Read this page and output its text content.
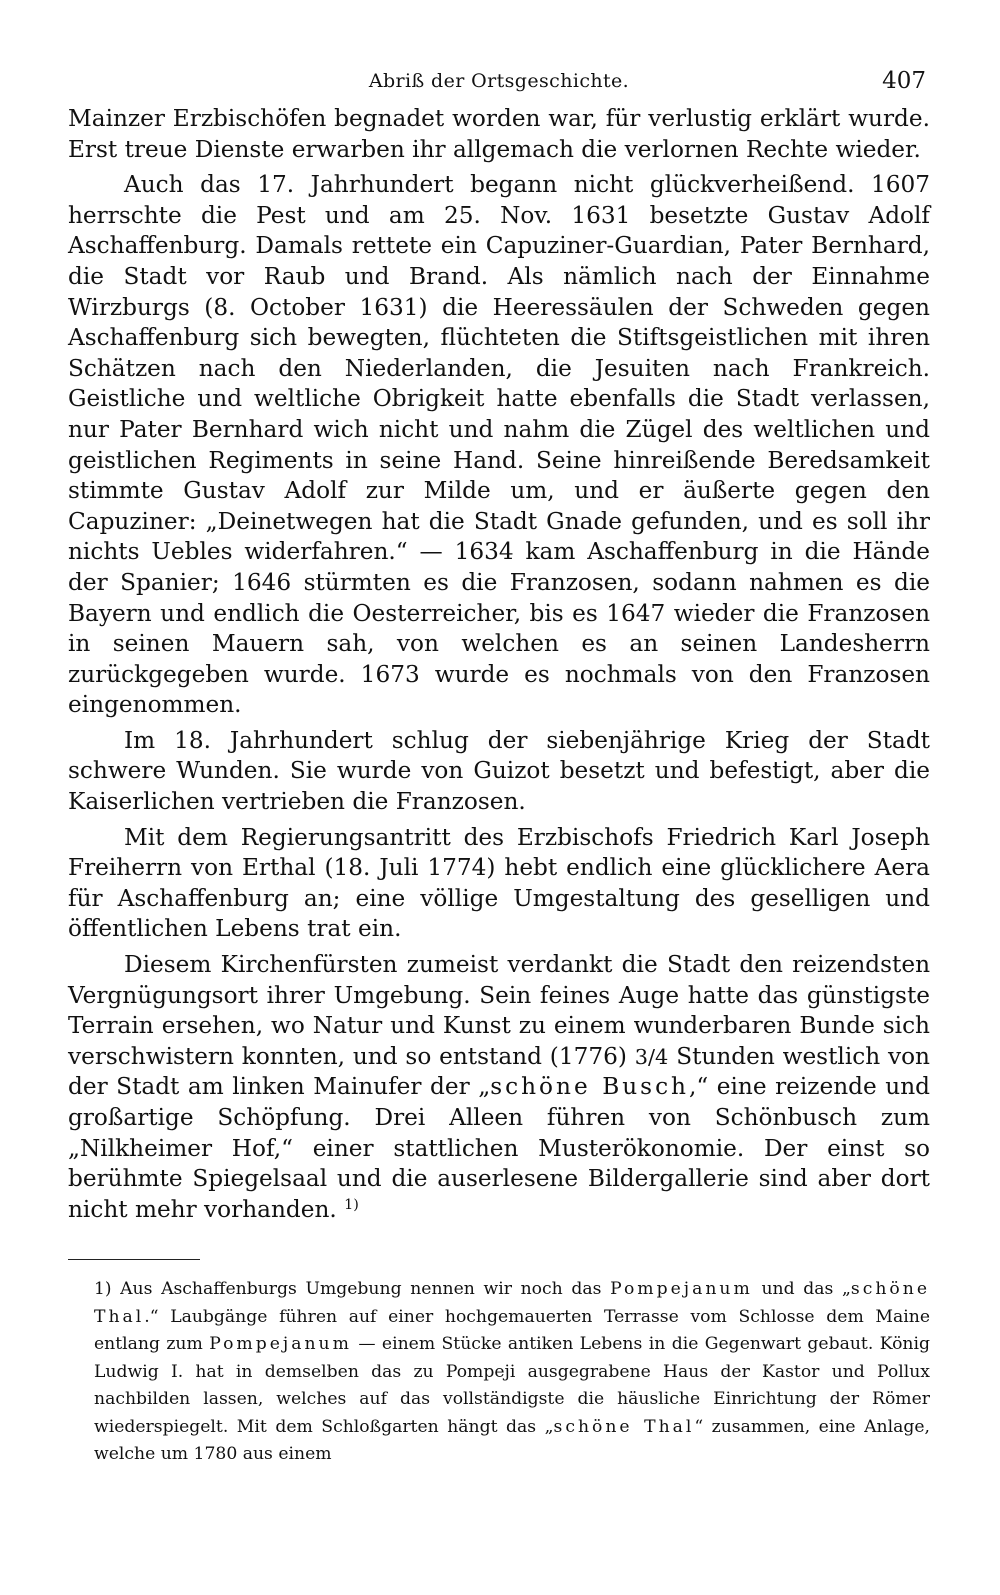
Abriß der Ortsgeschichte.	407

Mainzer Erzbischöfen begnadet worden war, für verlustig erklärt wurde. Erst treue Dienste erwarben ihr allgemach die verlornen Rechte wieder.

Auch das 17. Jahrhundert begann nicht glückverheißend. 1607 herrschte die Pest und am 25. Nov. 1631 besetzte Gustav Adolf Aschaffenburg. Damals rettete ein Capuziner-Guardian, Pater Bernhard, die Stadt vor Raub und Brand. Als nämlich nach der Einnahme Wirzburgs (8. October 1631) die Heeressäulen der Schweden gegen Aschaffenburg sich bewegten, flüchteten die Stiftsgeistlichen mit ihren Schätzen nach den Niederlanden, die Jesuiten nach Frankreich. Geistliche und weltliche Obrigkeit hatte ebenfalls die Stadt verlassen, nur Pater Bernhard wich nicht und nahm die Zügel des weltlichen und geistlichen Regiments in seine Hand. Seine hinreißende Beredsamkeit stimmte Gustav Adolf zur Milde um, und er äußerte gegen den Capuziner: „Deinetwegen hat die Stadt Gnade gefunden, und es soll ihr nichts Uebles widerfahren.“ — 1634 kam Aschaffenburg in die Hände der Spanier; 1646 stürmten es die Franzosen, sodann nahmen es die Bayern und endlich die Oesterreicher, bis es 1647 wieder die Franzosen in seinen Mauern sah, von welchen es an seinen Landesherrn zurückgegeben wurde. 1673 wurde es nochmals von den Franzosen eingenommen.

Im 18. Jahrhundert schlug der siebenjährige Krieg der Stadt schwere Wunden. Sie wurde von Guizot besetzt und befestigt, aber die Kaiserlichen vertrieben die Franzosen.

Mit dem Regierungsantritt des Erzbischofs Friedrich Karl Joseph Freiherrn von Erthal (18. Juli 1774) hebt endlich eine glücklichere Aera für Aschaffenburg an; eine völlige Umgestaltung des geselligen und öffentlichen Lebens trat ein.

Diesem Kirchenfürsten zumeist verdankt die Stadt den reizendsten Vergnügungsort ihrer Umgebung. Sein feines Auge hatte das günstigste Terrain ersehen, wo Natur und Kunst zu einem wunderbaren Bunde sich verschwistern konnten, und so entstand (1776) 3/4 Stunden westlich von der Stadt am linken Mainufer der „schöne Busch,“ eine reizende und großartige Schöpfung. Drei Alleen führen von Schönbusch zum „Nilkheimer Hof,“ einer stattlichen Musterökonomie. Der einst so berühmte Spiegelsaal und die auserlesene Bildergallerie sind aber dort nicht mehr vorhanden. $^{1)}$

1) Aus Aschaffenburgs Umgebung nennen wir noch das Pompejanum und das „schöne Thal.“ Laubgänge führen auf einer hochgemauerten Terrasse vom Schlosse dem Maine entlang zum Pompejanum — einem Stücke antiken Lebens in die Gegenwart gebaut. König Ludwig I. hat in demselben das zu Pompeji ausgegrabene Haus der Kastor und Pollux nachbilden lassen, welches auf das vollständigste die häusliche Einrichtung der Römer wiederspiegelt. Mit dem Schloßgarten hängt das „schöne Thal“ zusammen, eine Anlage, welche um 1780 aus einem
